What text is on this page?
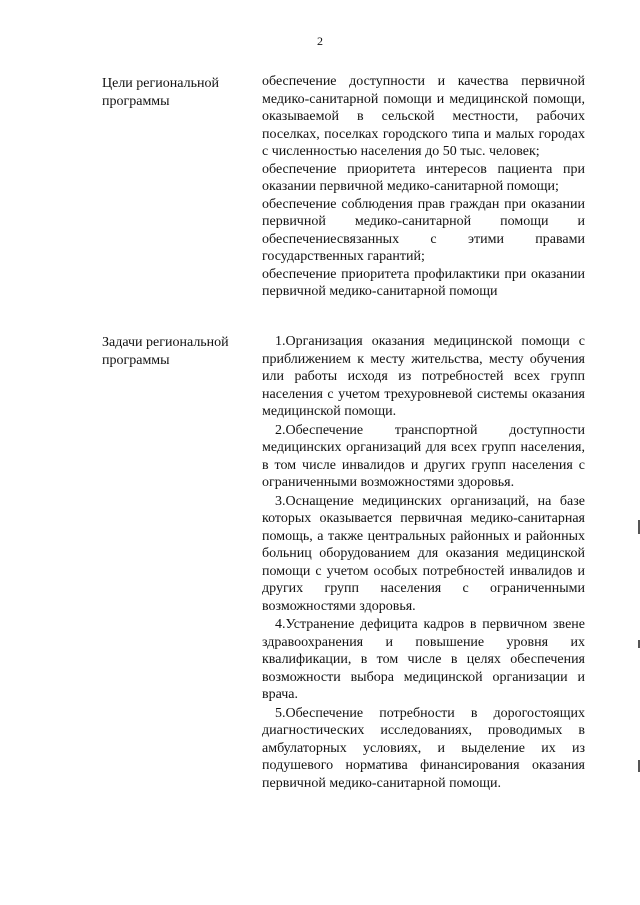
2
Цели региональной программы

обеспечение доступности и качества первичной медико-санитарной помощи и медицинской помощи, оказываемой в сельской местности, рабочих поселках, поселках городского типа и малых городах с численностью населения до 50 тыс. человек;

обеспечение приоритета интересов пациента при оказании первичной медико-санитарной помощи;

обеспечение соблюдения прав граждан при оказании первичной медико-санитарной помощи и обеспечениесвязанных с этими правами государственных гарантий;

обеспечение приоритета профилактики при оказании первичной медико-санитарной помощи

Задачи региональной программы

1.Организация оказания медицинской помощи с приближением к месту жительства, месту обучения или работы исходя из потребностей всех групп населения с учетом трехуровневой системы оказания медицинской помощи.

2.Обеспечение транспортной доступности медицинских организаций для всех групп населения, в том числе инвалидов и других групп населения с ограниченными возможностями здоровья.

3.Оснащение медицинских организаций, на базе которых оказывается первичная медико-санитарная помощь, а также центральных районных и районных больниц оборудованием для оказания медицинской помощи с учетом особых потребностей инвалидов и других групп населения с ограниченными возможностями здоровья.

4.Устранение дефицита кадров в первичном звене здравоохранения и повышение уровня их квалификации, в том числе в целях обеспечения возможности выбора медицинской организации и врача.

5.Обеспечение потребности в дорогостоящих диагностических исследованиях, проводимых в амбулаторных условиях, и выделение их из подушевого норматива финансирования оказания первичной медико-санитарной помощи.
